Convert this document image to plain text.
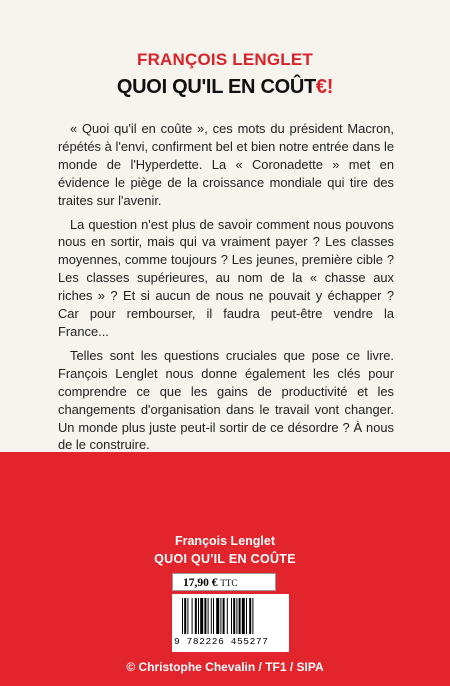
FRANÇOIS LENGLET
QUOI QU'IL EN COÛT€!

« Quoi qu'il en coûte », ces mots du président Macron, répétés à l'envi, confirment bel et bien notre entrée dans le monde de l'Hyperdette. La « Coronadette » met en évidence le piège de la croissance mondiale qui tire des traites sur l'avenir.

La question n'est plus de savoir comment nous pouvons nous en sortir, mais qui va vraiment payer ? Les classes moyennes, comme toujours ? Les jeunes, première cible ? Les classes supérieures, au nom de la « chasse aux riches » ? Et si aucun de nous ne pouvait y échapper ? Car pour rembourser, il faudra peut-être vendre la France...

Telles sont les questions cruciales que pose ce livre. François Lenglet nous donne également les clés pour comprendre ce que les gains de productivité et les changements d'organisation dans le travail vont changer. Un monde plus juste peut-il sortir de ce désordre ? À nous de le construire.

François Lenglet
QUOI QU'IL EN COÛTE
17,90 € TTC
9 782226 455277
© Christophe Chevalin / TF1 / SIPA
